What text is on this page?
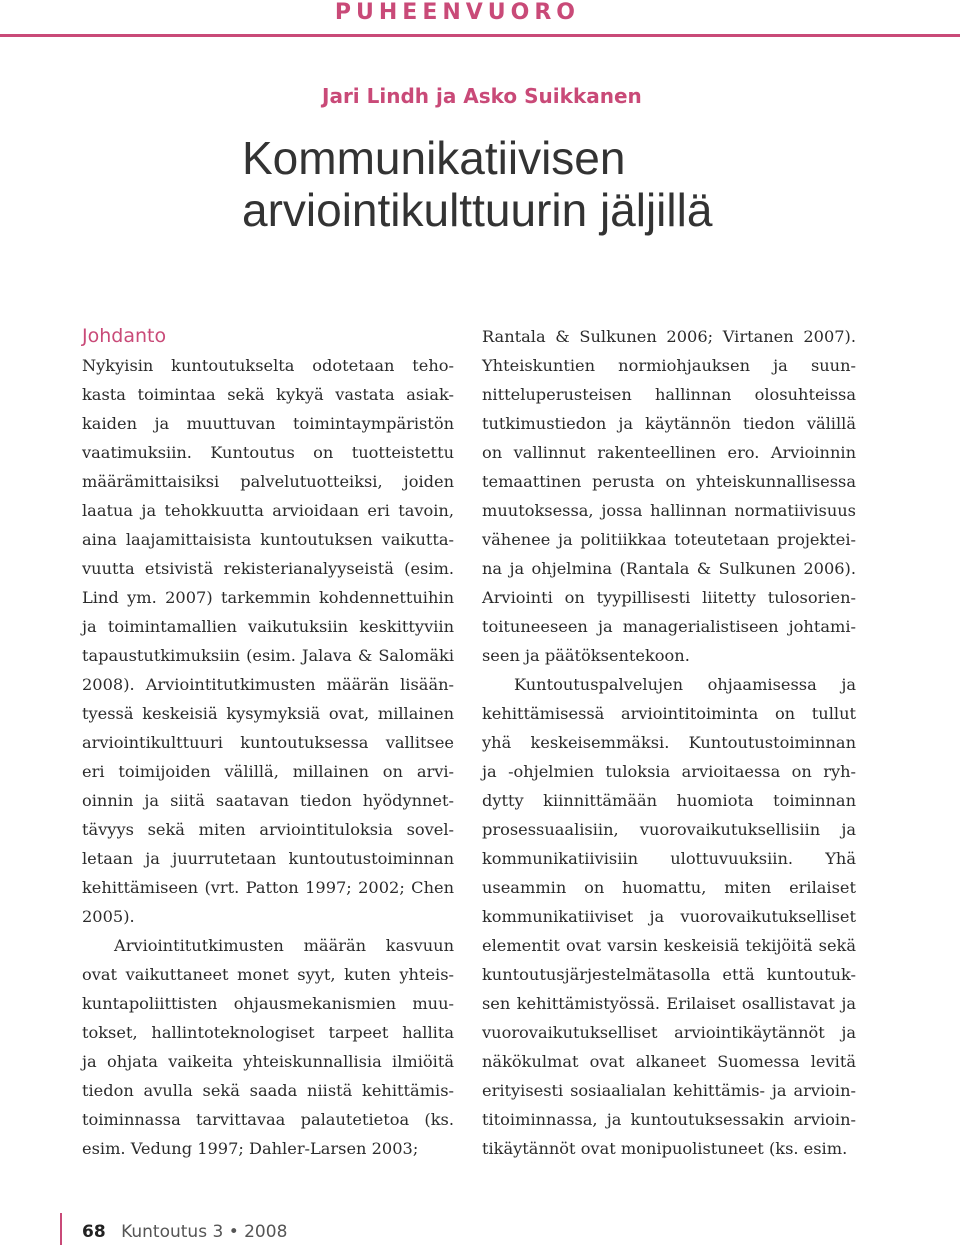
PUHEENVUORO
Jari Lindh ja Asko Suikkanen
Kommunikatiivisen
arviointikulttuurin jäljillä
Johdanto
Nykyisin kuntoutukselta odotetaan teho-
kasta toimintaa sekä kykyä vastata asiak-
kaiden ja muuttuvan toimintaympäristön
vaatimuksiin. Kuntoutus on tuotteistettu
määrämittaisiksi palvelutuotteiksi, joiden
laatua ja tehokkuutta arvioidaan eri tavoin,
aina laajamittaisista kuntoutuksen vaikutta-
vuutta etsivistä rekisterianalyyseistä (esim.
Lind ym. 2007) tarkemmin kohdennettuihin
ja toimintamallien vaikutuksiin keskittyviin
tapaustutkimuksiin (esim. Jalava & Salomäki
2008). Arviointitutkimusten määrän lisään-
tyessä keskeisiä kysymyksiä ovat, millainen
arviointikulttuuri kuntoutuksessa vallitsee
eri toimijoiden välillä, millainen on arvi-
oinnin ja siitä saatavan tiedon hyödynnet-
tävyys sekä miten arviointituloksia sovel-
letaan ja juurrutetaan kuntoutustoiminnan
kehittämiseen (vrt. Patton 1997; 2002; Chen
2005).
Arviointitutkimusten määrän kasvuun
ovat vaikuttaneet monet syyt, kuten yhteis-
kuntapoliittisten ohjausmekanismien muu-
tokset, hallintoteknologiset tarpeet hallita
ja ohjata vaikeita yhteiskunnallisia ilmiöitä
tiedon avulla sekä saada niistä kehittämis-
toiminnassa tarvittavaa palautetietoa (ks.
esim. Vedung 1997; Dahler-Larsen 2003;
Rantala & Sulkunen 2006; Virtanen 2007).
Yhteiskuntien normiohjauksen ja suun-
nitteluperusteisen hallinnan olosuhteissa
tutkimustiedon ja käytännön tiedon välillä
on vallinnut rakenteellinen ero. Arvioinnin
temaattinen perusta on yhteiskunnallisessa
muutoksessa, jossa hallinnan normatiivisuus
vähenee ja politiikkaa toteutetaan projektei-
na ja ohjelmina (Rantala & Sulkunen 2006).
Arviointi on tyypillisesti liitetty tulosorien-
toituneeseen ja managerialistiseen johtami-
seen ja päätöksentekoon.
Kuntoutuspalvelujen ohjaamisessa ja
kehittämisessä arviointitoiminta on tullut
yhä keskeisemmäksi. Kuntoutustoiminnan
ja -ohjelmien tuloksia arvioitaessa on ryh-
dytty kiinnittämään huomiota toiminnan
prosessuaalisiin, vuorovaikutuksellisiin ja
kommunikatiivisiin ulottuvuuksiin. Yhä
useammin on huomattu, miten erilaiset
kommunikatiiviset ja vuorovaikutukselliset
elementit ovat varsin keskeisiä tekijöitä sekä
kuntoutusjärjestelmätasolla että kuntoutuk-
sen kehittämistyössä. Erilaiset osallistavat ja
vuorovaikutukselliset arviointikäytännöt ja
näkökulmat ovat alkaneet Suomessa levitä
erityisesti sosiaalialan kehittämis- ja arvioin-
titoiminnassa, ja kuntoutuksessakin arvioin-
tikäytännöt ovat monipuolistuneet (ks. esim.
68 Kuntoutus 3 • 2008
